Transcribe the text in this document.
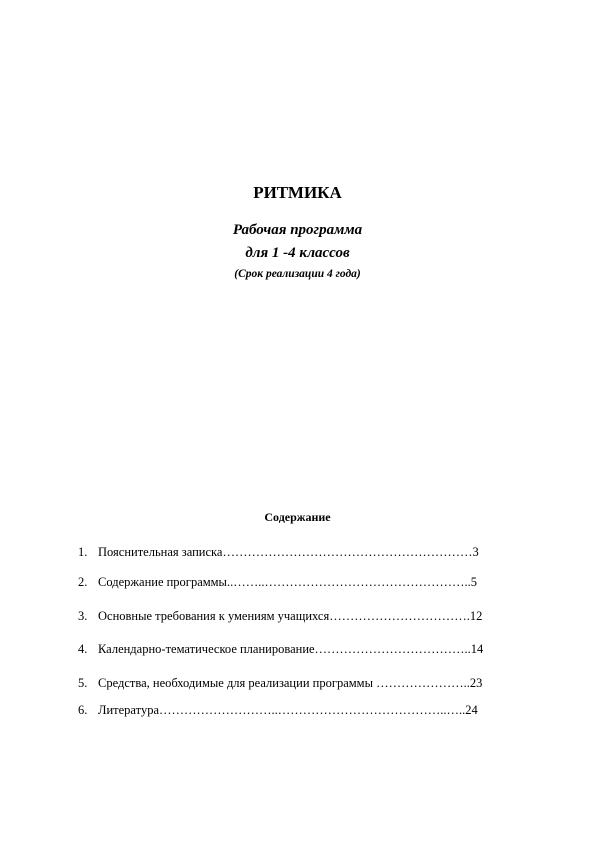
РИТМИКА

Рабочая программа

для 1 -4 классов

(Срок реализации 4 года)

Содержание
1. Пояснительная записка……………………………………………………3
2. Содержание программы..……..…………………………………………..5
3. Основные требования к умениям учащихся…………………………….12
4. Календарно-тематическое планирование………………………………..14
5. Средства, необходимые для реализации программы …………………..23
6. Литература………………………..…………………………………..…..24
